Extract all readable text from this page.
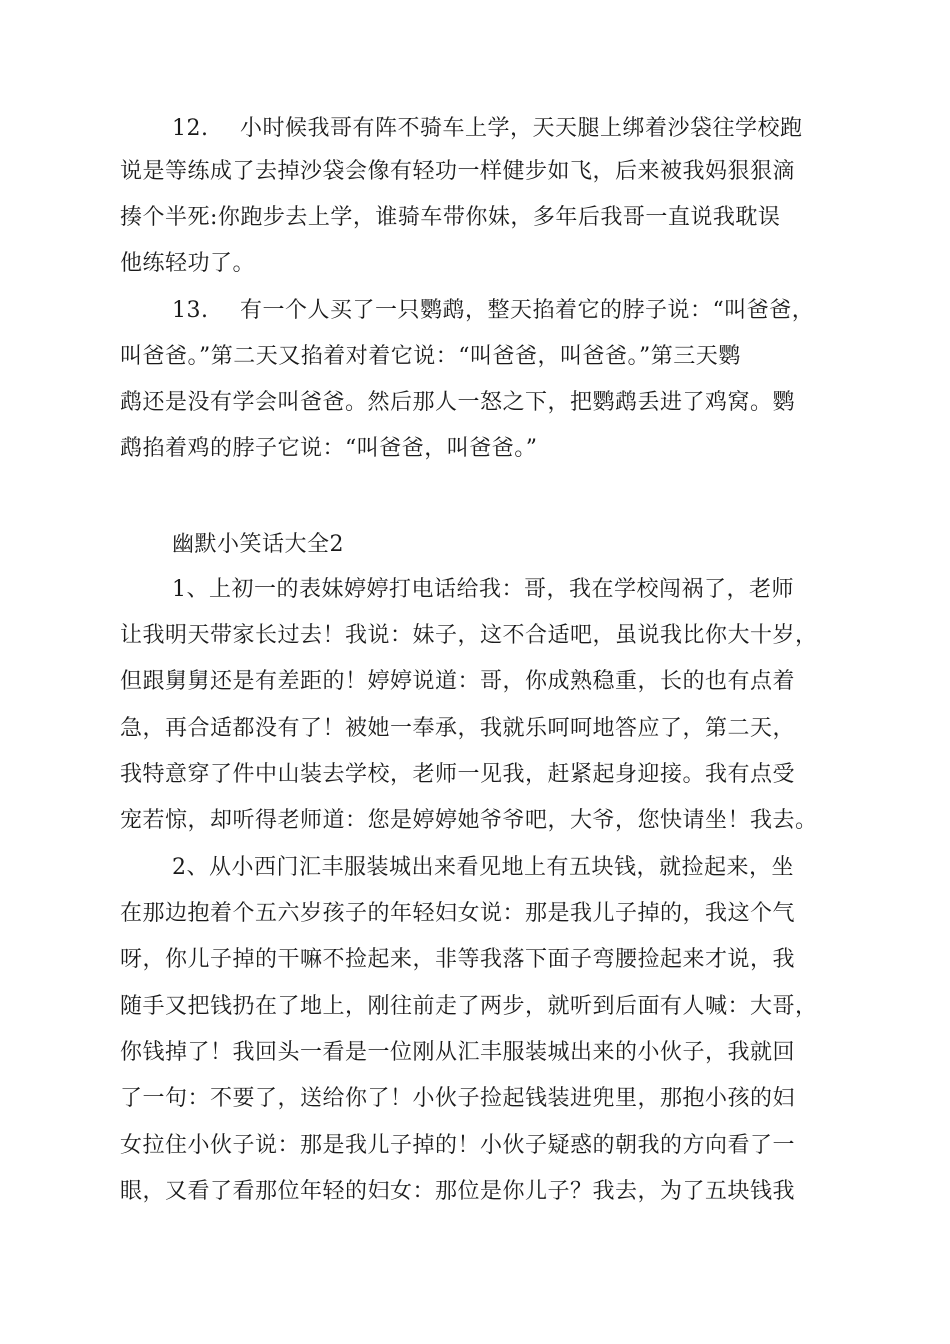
12. 小时候我哥有阵不骑车上学，天天腿上绑着沙袋往学校跑
说是等练成了去掉沙袋会像有轻功一样健步如飞，后来被我妈狠狠滴
揍个半死:你跑步去上学，谁骑车带你妹，多年后我哥一直说我耽误
他练轻功了。
13. 有一个人买了一只鹦鹉，整天掐着它的脖子说：“叫爸爸，
叫爸爸。”第二天又掐着对着它说：“叫爸爸，叫爸爸。”第三天鹦
鹉还是没有学会叫爸爸。然后那人一怒之下，把鹦鹉丢进了鸡窝。鹦
鹉掐着鸡的脖子它说：“叫爸爸，叫爸爸。”
幽默小笑话大全2
1、上初一的表妹婷婷打电话给我：哥，我在学校闯祸了，老师
让我明天带家长过去！我说：妹子，这不合适吧，虽说我比你大十岁，
但跟舅舅还是有差距的！婷婷说道：哥，你成熟稳重，长的也有点着
急，再合适都没有了！被她一奉承，我就乐呵呵地答应了，第二天，
我特意穿了件中山装去学校，老师一见我，赶紧起身迎接。我有点受
宠若惊，却听得老师道：您是婷婷她爷爷吧，大爷，您快请坐！我去。
2、从小西门汇丰服装城出来看见地上有五块钱，就捡起来，坐
在那边抱着个五六岁孩子的年轻妇女说：那是我儿子掉的，我这个气
呀，你儿子掉的干嘛不捡起来，非等我落下面子弯腰捡起来才说，我
随手又把钱扔在了地上，刚往前走了两步，就听到后面有人喊：大哥，
你钱掉了！我回头一看是一位刚从汇丰服装城出来的小伙子，我就回
了一句：不要了，送给你了！小伙子捡起钱装进兜里，那抱小孩的妇
女拉住小伙子说：那是我儿子掉的！小伙子疑惑的朝我的方向看了一
眼，又看了看那位年轻的妇女：那位是你儿子？我去，为了五块钱我
